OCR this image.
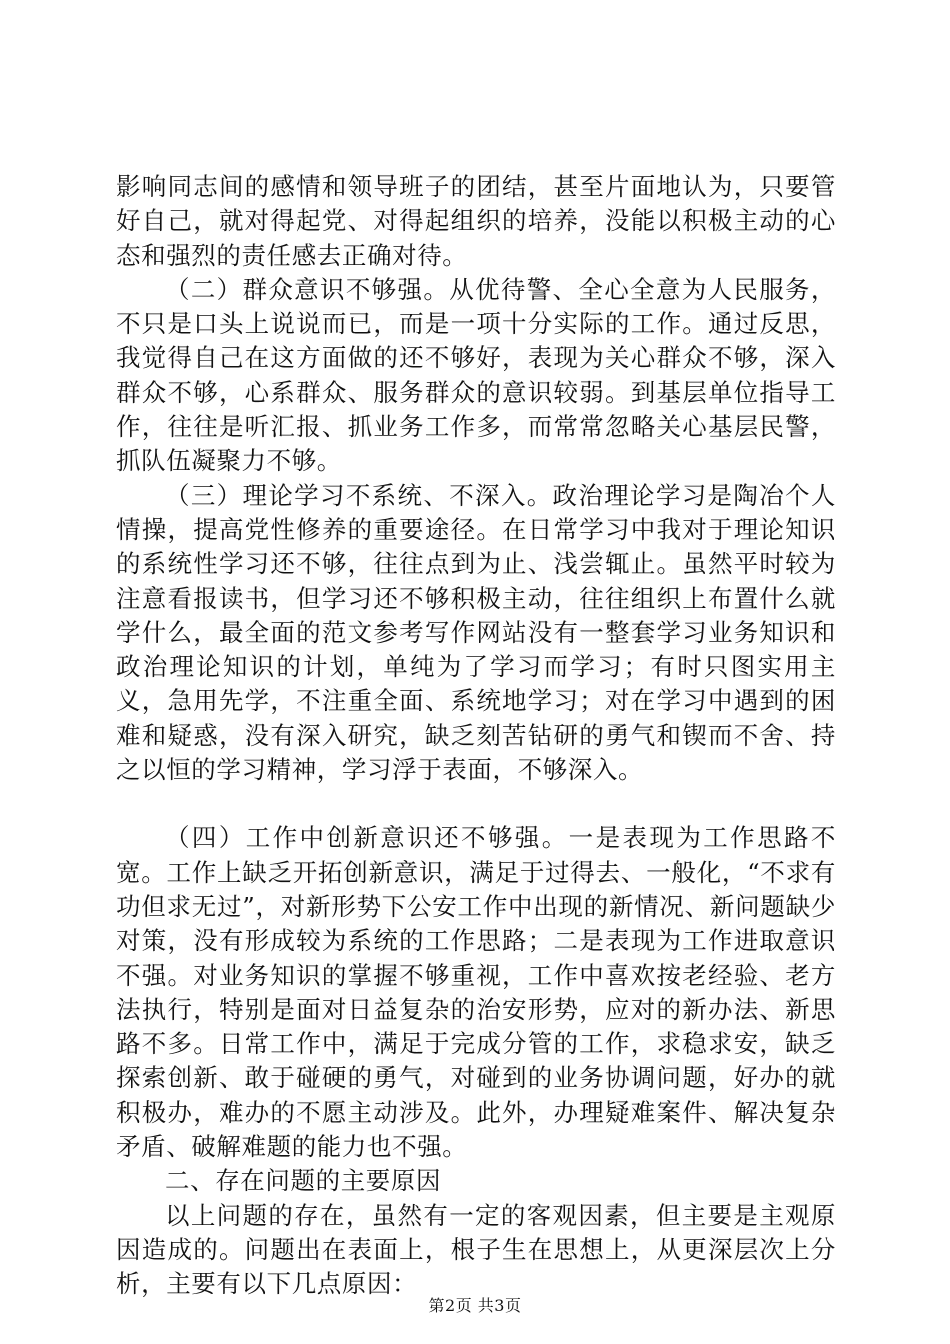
影响同志间的感情和领导班子的团结，甚至片面地认为，只要管好自己，就对得起党、对得起组织的培养，没能以积极主动的心态和强烈的责任感去正确对待。

（二）群众意识不够强。从优待警、全心全意为人民服务，不只是口头上说说而已，而是一项十分实际的工作。通过反思，我觉得自己在这方面做的还不够好，表现为关心群众不够，深入群众不够，心系群众、服务群众的意识较弱。到基层单位指导工作，往往是听汇报、抓业务工作多，而常常忽略关心基层民警，抓队伍凝聚力不够。

（三）理论学习不系统、不深入。政治理论学习是陶冶个人情操，提高党性修养的重要途径。在日常学习中我对于理论知识的系统性学习还不够，往往点到为止、浅尝辄止。虽然平时较为注意看报读书，但学习还不够积极主动，往往组织上布置什么就学什么，最全面的范文参考写作网站没有一整套学习业务知识和政治理论知识的计划，单纯为了学习而学习；有时只图实用主义，急用先学，不注重全面、系统地学习；对在学习中遇到的困难和疑惑，没有深入研究，缺乏刻苦钻研的勇气和锲而不舍、持之以恒的学习精神，学习浮于表面，不够深入。

（四）工作中创新意识还不够强。一是表现为工作思路不宽。工作上缺乏开拓创新意识，满足于过得去、一般化，“不求有功但求无过”，对新形势下公安工作中出现的新情况、新问题缺少对策，没有形成较为系统的工作思路；二是表现为工作进取意识不强。对业务知识的掌握不够重视，工作中喜欢按老经验、老方法执行，特别是面对日益复杂的治安形势，应对的新办法、新思路不多。日常工作中，满足于完成分管的工作，求稳求安，缺乏探索创新、敢于碰硬的勇气，对碰到的业务协调问题，好办的就积极办，难办的不愿主动涉及。此外，办理疑难案件、解决复杂矛盾、破解难题的能力也不强。

二、存在问题的主要原因

以上问题的存在，虽然有一定的客观因素，但主要是主观原因造成的。问题出在表面上，根子生在思想上，从更深层次上分析，主要有以下几点原因：

第2页 共3页
